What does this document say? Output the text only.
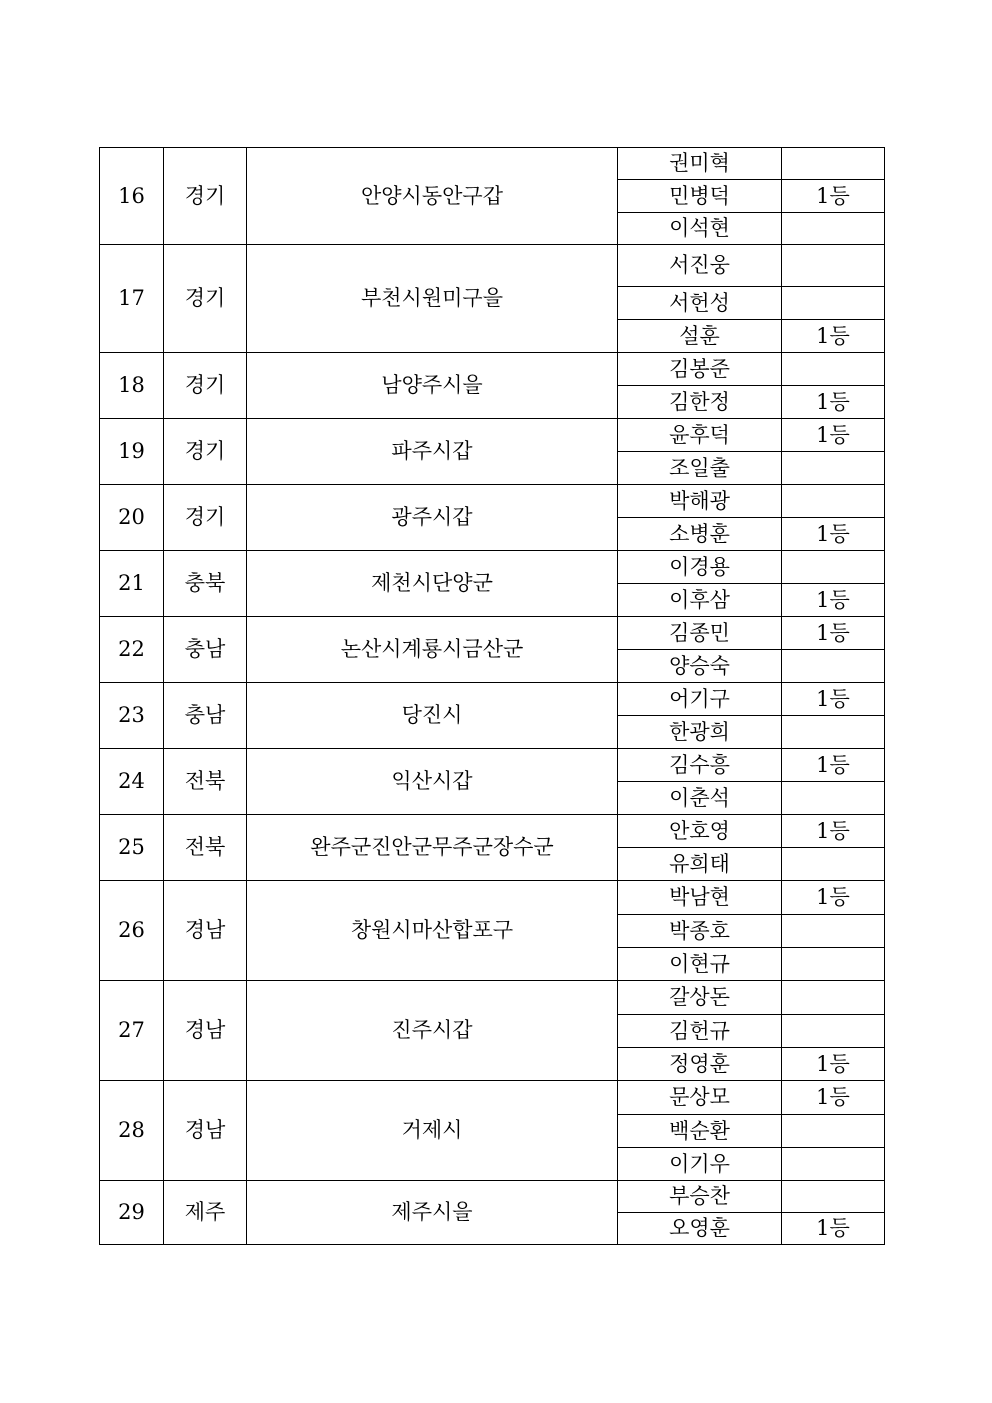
16	경기	안양시동안구갑	권미혁	
			민병덕	1등
			이석현	
17	경기	부천시원미구을	서진웅	
			서헌성	
			설훈	1등
18	경기	남양주시을	김봉준	
			김한정	1등
19	경기	파주시갑	윤후덕	1등
			조일출	
20	경기	광주시갑	박해광	
			소병훈	1등
21	충북	제천시단양군	이경용	
			이후삼	1등
22	충남	논산시계룡시금산군	김종민	1등
			양승숙	
23	충남	당진시	어기구	1등
			한광희	
24	전북	익산시갑	김수흥	1등
			이춘석	
25	전북	완주군진안군무주군장수군	안호영	1등
			유희태	
26	경남	창원시마산합포구	박남현	1등
			박종호	
			이현규	
27	경남	진주시갑	갈상돈	
			김헌규	
			정영훈	1등
28	경남	거제시	문상모	1등
			백순환	
			이기우	
29	제주	제주시을	부승찬	
			오영훈	1등
